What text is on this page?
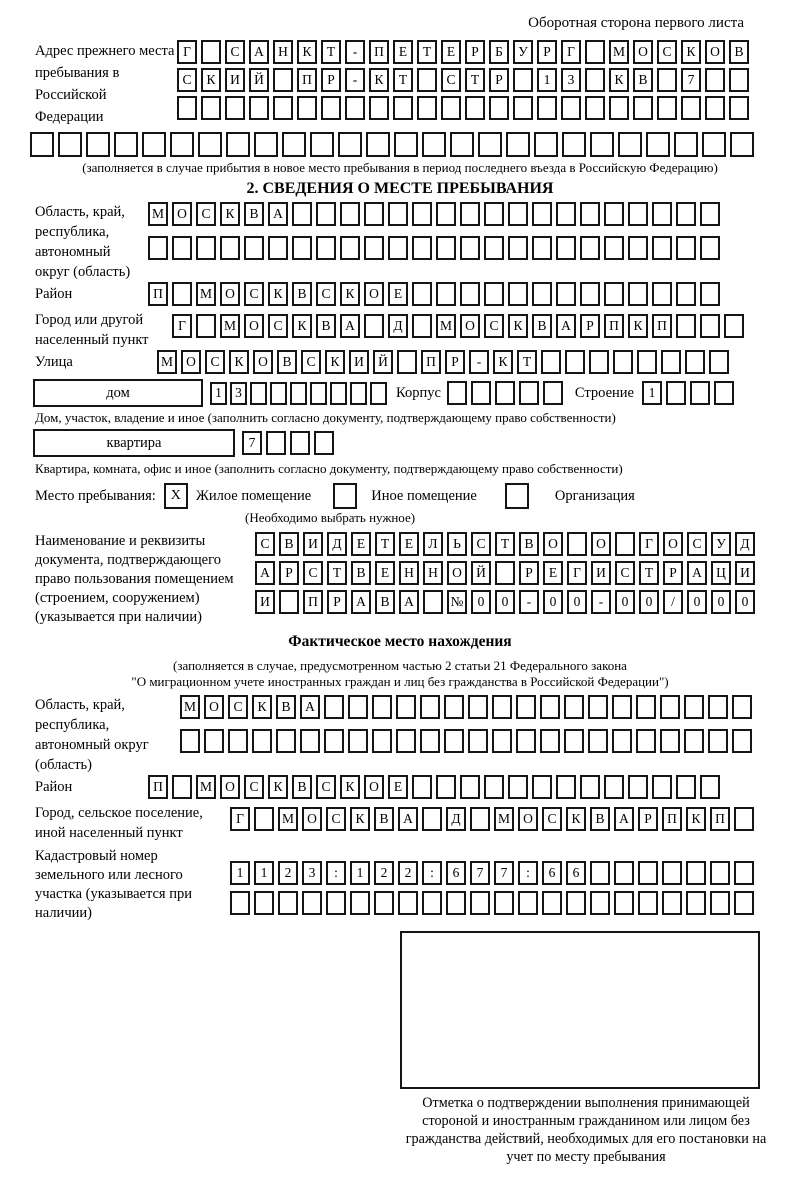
Оборотная сторона первого листа
Адрес прежнего места пребывания в Российской Федерации
Г	С	А	Н	К	Т	-	П	Е	Т	Е	Р	Б	У	Р	Г	М О	С	К	О	В
С	К	И	Й	П	Р	-	К	Т	С	Т	Р	1	3	К	В	7
(заполняется в случае прибытия в новое место пребывания в период последнего въезда в Российскую Федерацию)
2. СВЕДЕНИЯ О МЕСТЕ ПРЕБЫВАНИЯ
Область, край, республика, автономный округ (область)
М О	С	К	В	А
Район	П	М О	С	К	В	С	К	О	Е
Город или другой населенный пункт
Г	М О	С	К	В	А	Д	М О	С	К	В	А	Р	П	К	П
Улица	М О	С	К	О	В	С	К	И	Й	П	Р	-	К	Т
дом	1 3	Корпус	Строение	1
Дом, участок, владение и иное (заполнить согласно документу, подтверждающему право собственности)
квартира	7
Квартира, комната, офис и иное (заполнить согласно документу, подтверждающему право собственности)
Место пребывания:	X	Жилое помещение	Иное помещение	Организация
(Необходимо выбрать нужное)
Наименование и реквизиты документа, подтверждающего право пользования помещением (строением, сооружением) (указывается при наличии)
С	В	И	Д	Е	Т	Е	Л	Ь	С	Т	В	О	О	Г	О	С	У	Д
А	Р	С	Т	В	Е	Н	Н	О	Й	Р	Е	Г	И	С	Т	Р	А	Ц	И
И	П	Р	А	В	А	№	0	0	-	0	0	-	0	0	/	0	0	0
Фактическое место нахождения
(заполняется в случае, предусмотренном частью 2 статьи 21 Федерального закона
"О миграционном учете иностранных граждан и лиц без гражданства в Российской Федерации")
Область, край, республика, автономный округ (область)
М О	С	К	В	А
Район	П	М О	С	К	В	С	К	О	Е
Город, сельское поселение, иной населенный пункт
Г	М О	С	К	В	А	Д	М О	С	К	В	А	Р	П	К	П
Кадастровый номер земельного или лесного участка (указывается при наличии)
1	1	2	3	:	1	2	2	:	6	7	7	:	6	6
Отметка о подтверждении выполнения принимающей стороной и иностранным гражданином или лицом без гражданства действий, необходимых для его постановки на учет по месту пребывания
